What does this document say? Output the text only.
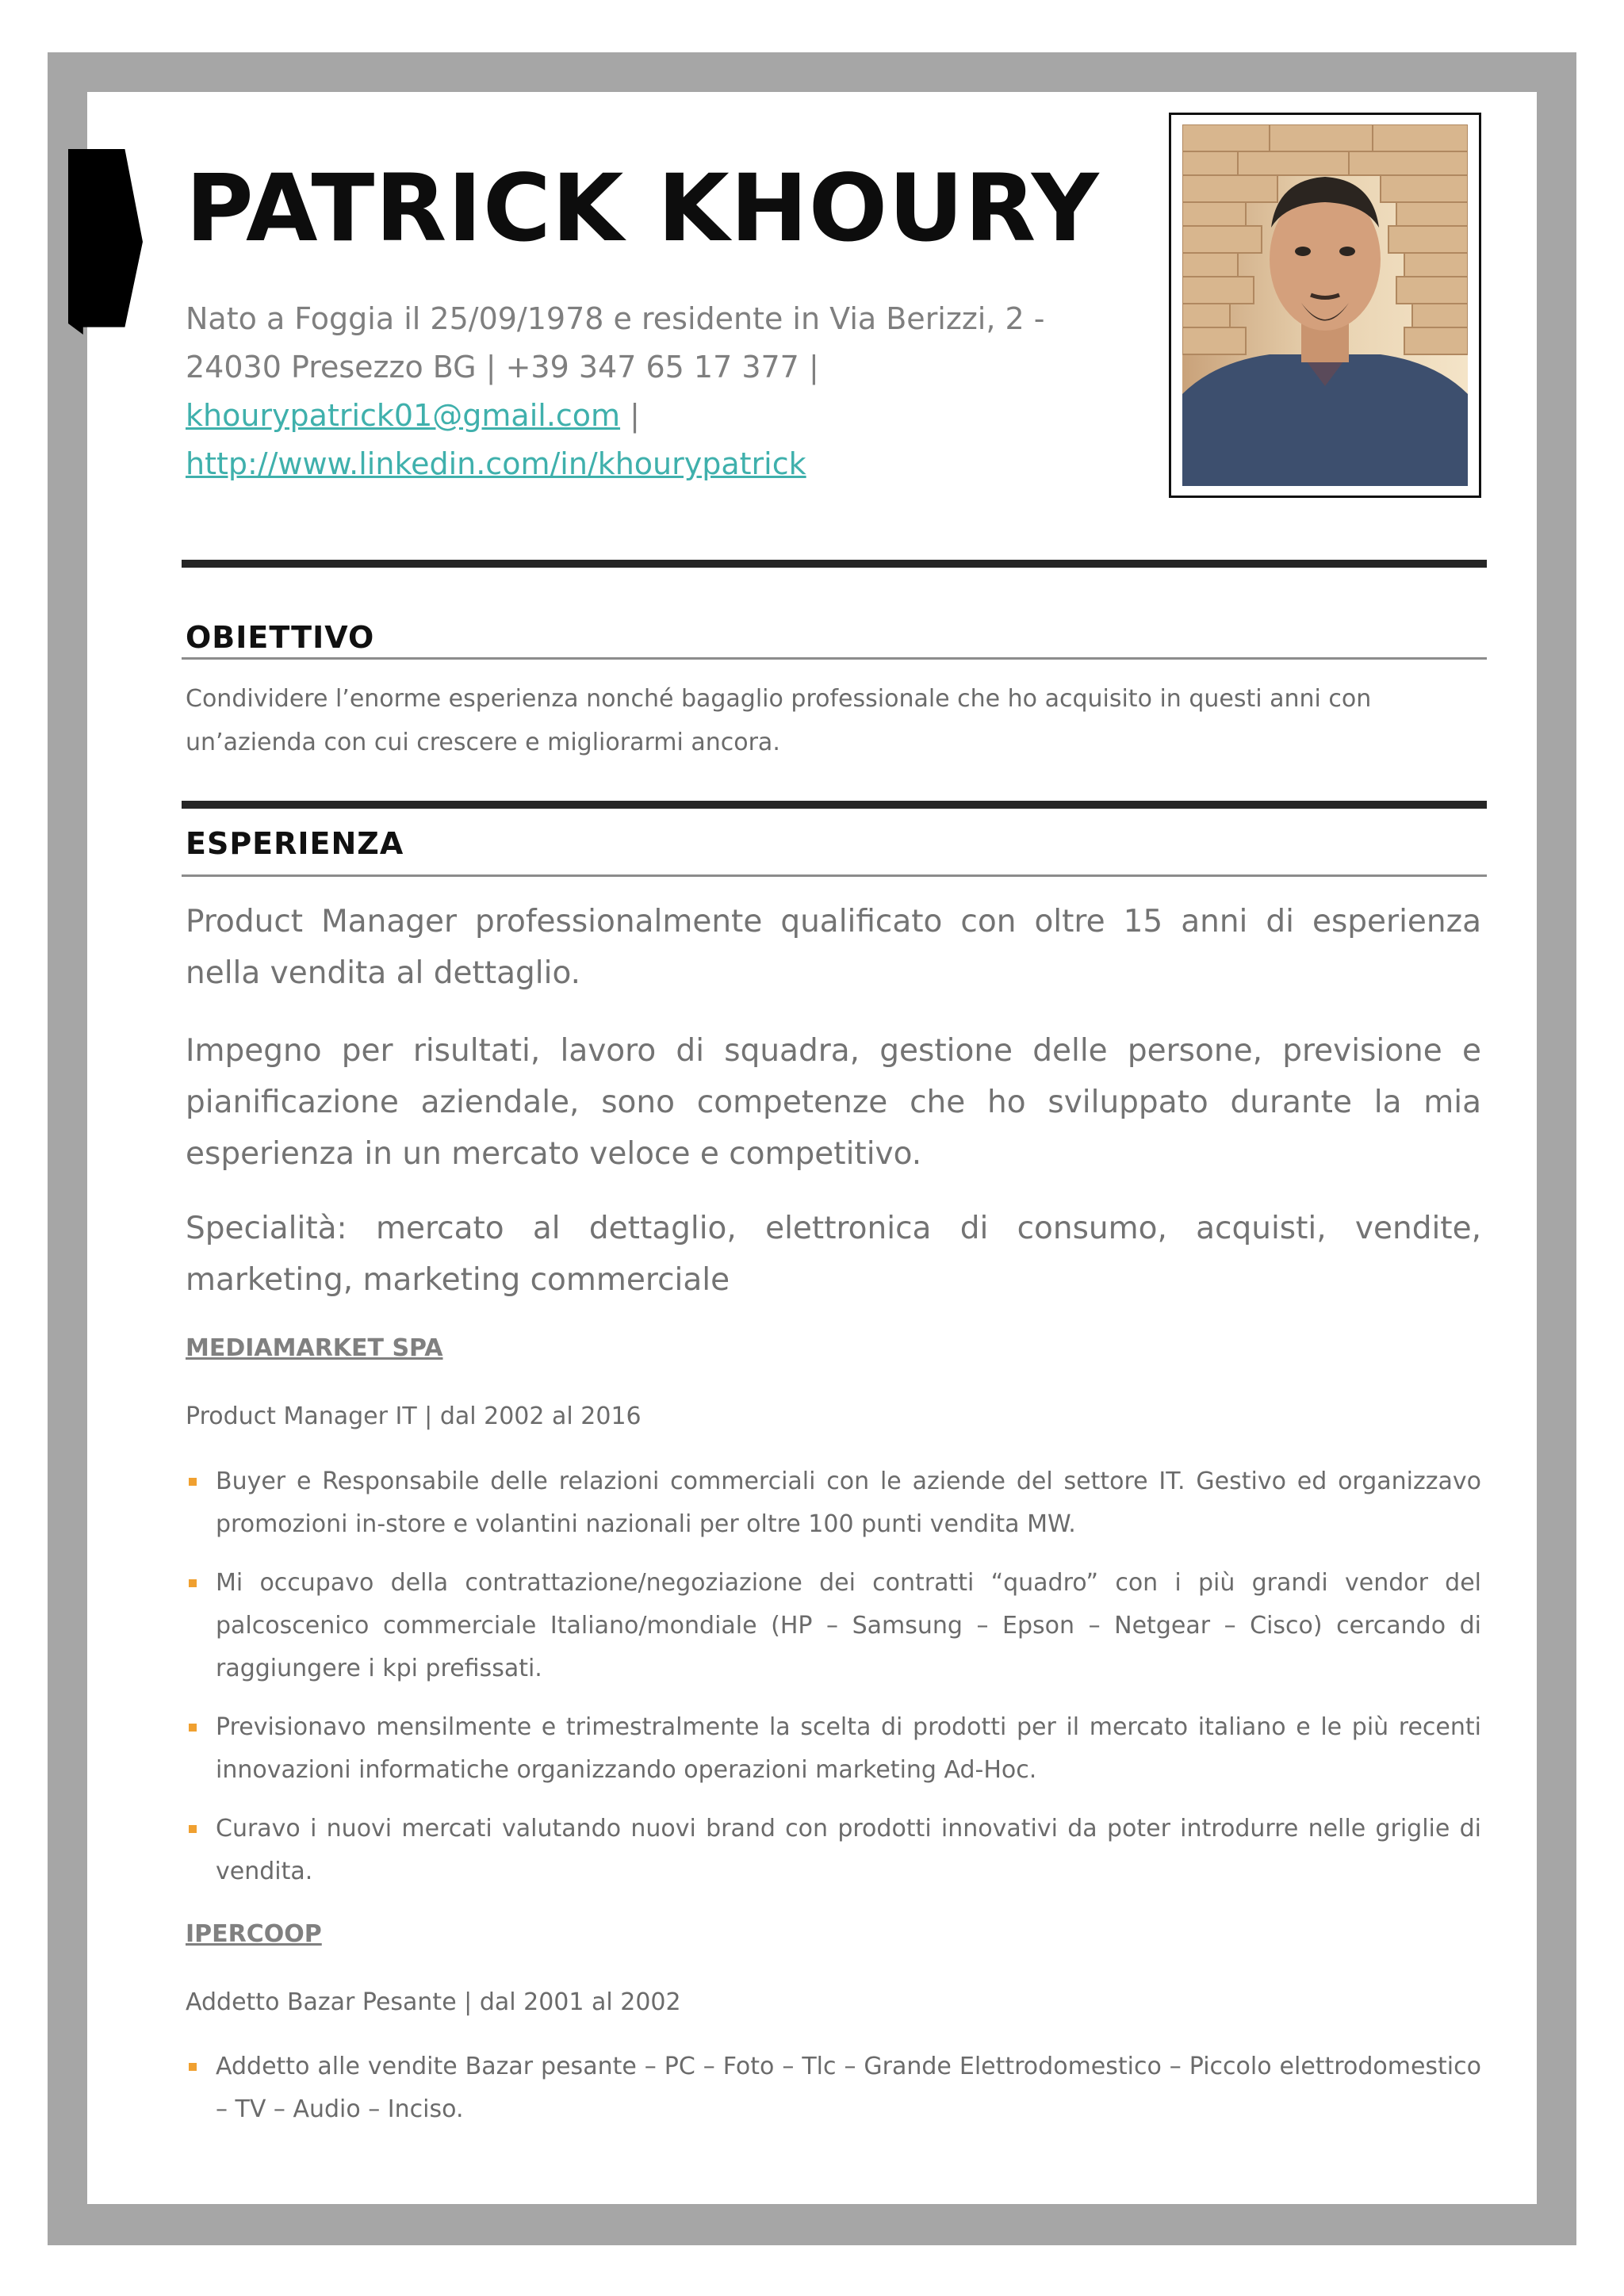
PATRICK KHOURY
Nato a Foggia il 25/09/1978 e residente in Via Berizzi, 2 -
24030 Presezzo BG | +39 347 65 17 377 |
khourypatrick01@gmail.com |
http://www.linkedin.com/in/khourypatrick
OBIETTIVO
Condividere l’enorme esperienza nonché bagaglio professionale che ho acquisito in questi anni con un’azienda con cui crescere e migliorarmi ancora.
ESPERIENZA

Product Manager professionalmente qualificato con oltre 15 anni di esperienza nella vendita al dettaglio.

Impegno per risultati, lavoro di squadra, gestione delle persone, previsione e pianificazione aziendale, sono competenze che ho sviluppato durante la mia esperienza in un mercato veloce e competitivo.

Specialità: mercato al dettaglio, elettronica di consumo, acquisti, vendite, marketing, marketing commerciale

MEDIAMARKET SPA

Product Manager IT | dal 2002 al 2016

Buyer e Responsabile delle relazioni commerciali con le aziende del settore IT. Gestivo ed organizzavo promozioni in-store e volantini nazionali per oltre 100 punti vendita MW.
Mi occupavo della contrattazione/negoziazione dei contratti “quadro” con i più grandi vendor del palcoscenico commerciale Italiano/mondiale (HP – Samsung – Epson – Netgear – Cisco) cercando di raggiungere i kpi prefissati.
Previsionavo mensilmente e trimestralmente la scelta di prodotti per il mercato italiano e le più recenti innovazioni informatiche organizzando operazioni marketing Ad-Hoc.
Curavo i nuovi mercati valutando nuovi brand con prodotti innovativi da poter introdurre nelle griglie di vendita.

IPERCOOP

Addetto Bazar Pesante | dal 2001 al 2002

Addetto alle vendite Bazar pesante – PC – Foto – Tlc – Grande Elettrodomestico – Piccolo elettrodomestico – TV – Audio – Inciso.
